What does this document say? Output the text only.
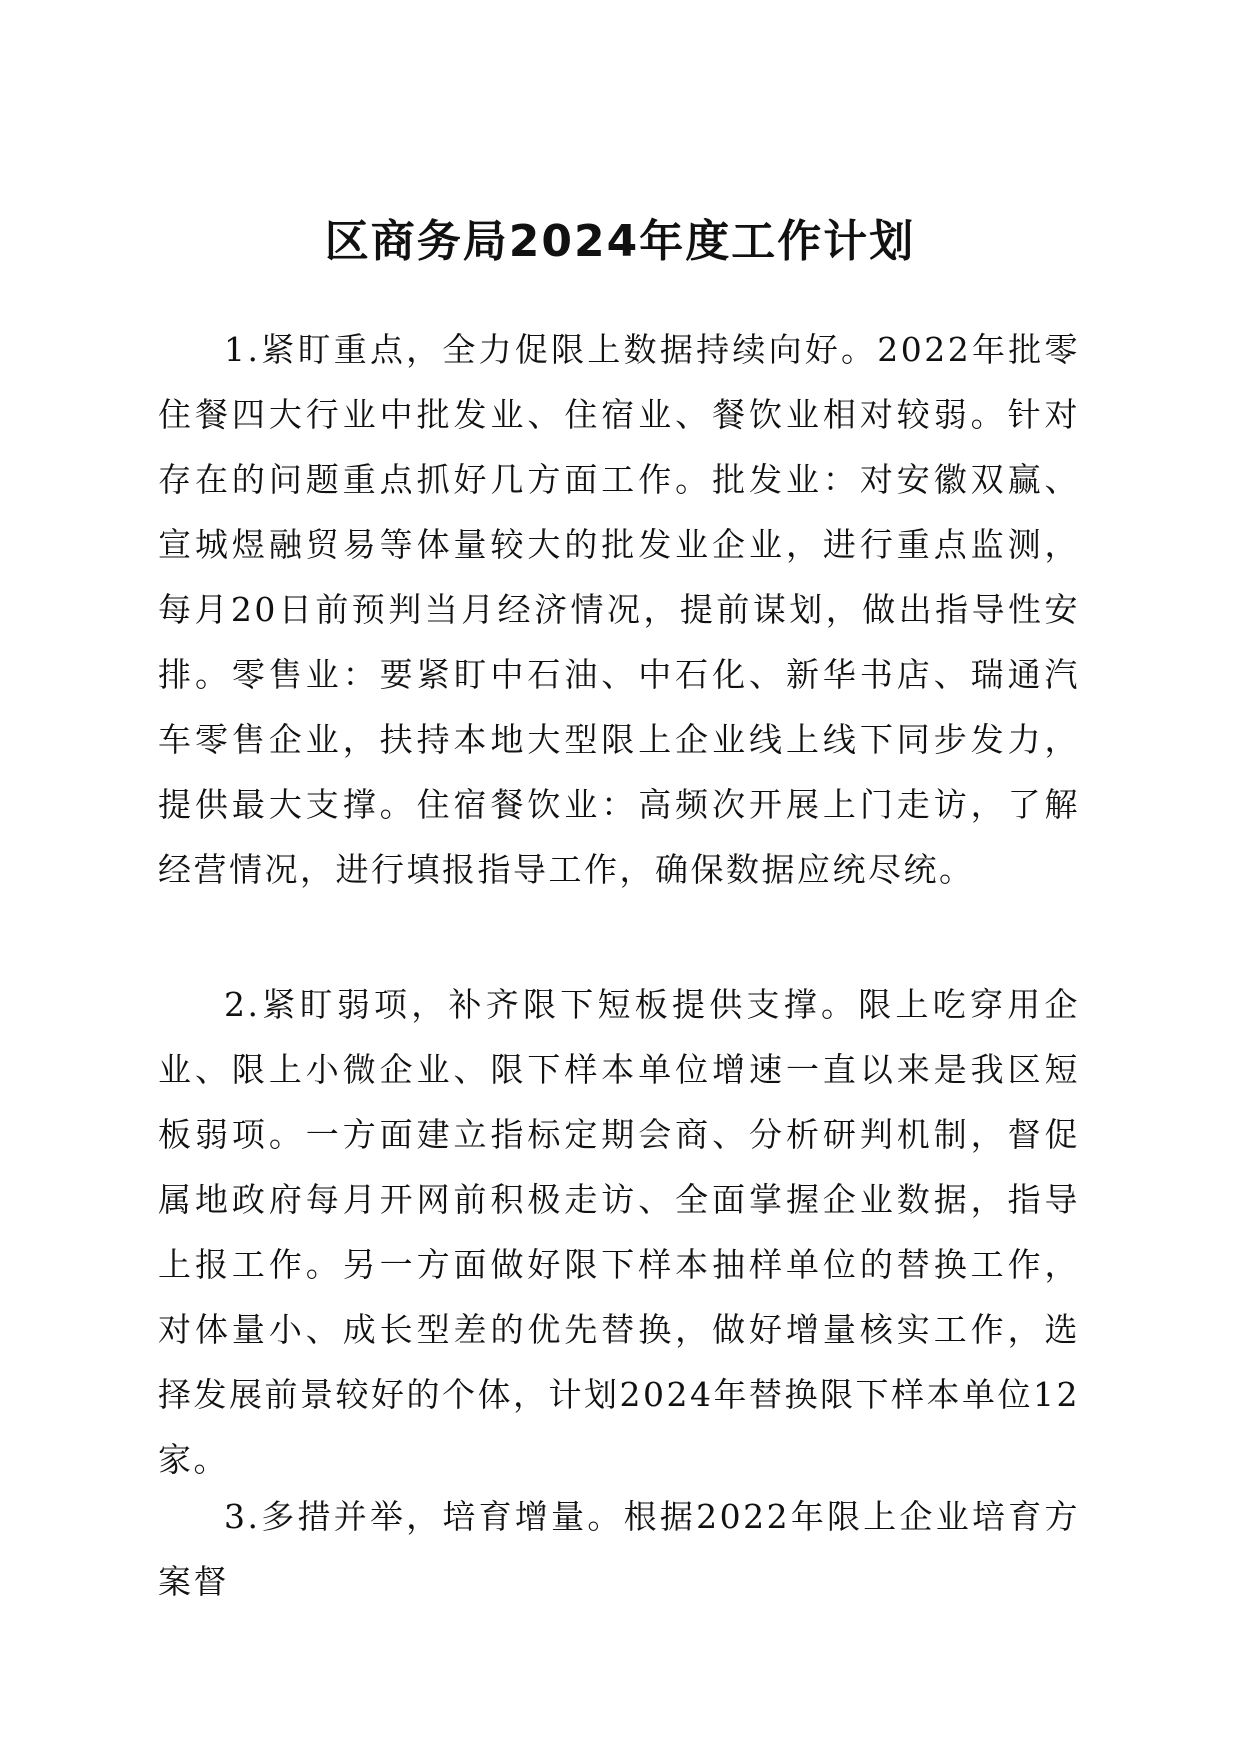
区商务局2024年度工作计划

1.紧盯重点，全力促限上数据持续向好。2022年批零住餐四大行业中批发业、住宿业、餐饮业相对较弱。针对存在的问题重点抓好几方面工作。批发业：对安徽双赢、宣城煜融贸易等体量较大的批发业企业，进行重点监测，每月20日前预判当月经济情况，提前谋划，做出指导性安排。零售业：要紧盯中石油、中石化、新华书店、瑞通汽车零售企业，扶持本地大型限上企业线上线下同步发力，提供最大支撑。住宿餐饮业：高频次开展上门走访，了解经营情况，进行填报指导工作，确保数据应统尽统。

2.紧盯弱项，补齐限下短板提供支撑。限上吃穿用企业、限上小微企业、限下样本单位增速一直以来是我区短板弱项。一方面建立指标定期会商、分析研判机制，督促属地政府每月开网前积极走访、全面掌握企业数据，指导上报工作。另一方面做好限下样本抽样单位的替换工作，对体量小、成长型差的优先替换，做好增量核实工作，选择发展前景较好的个体，计划2024年替换限下样本单位12家。

3.多措并举，培育增量。根据2022年限上企业培育方案督
